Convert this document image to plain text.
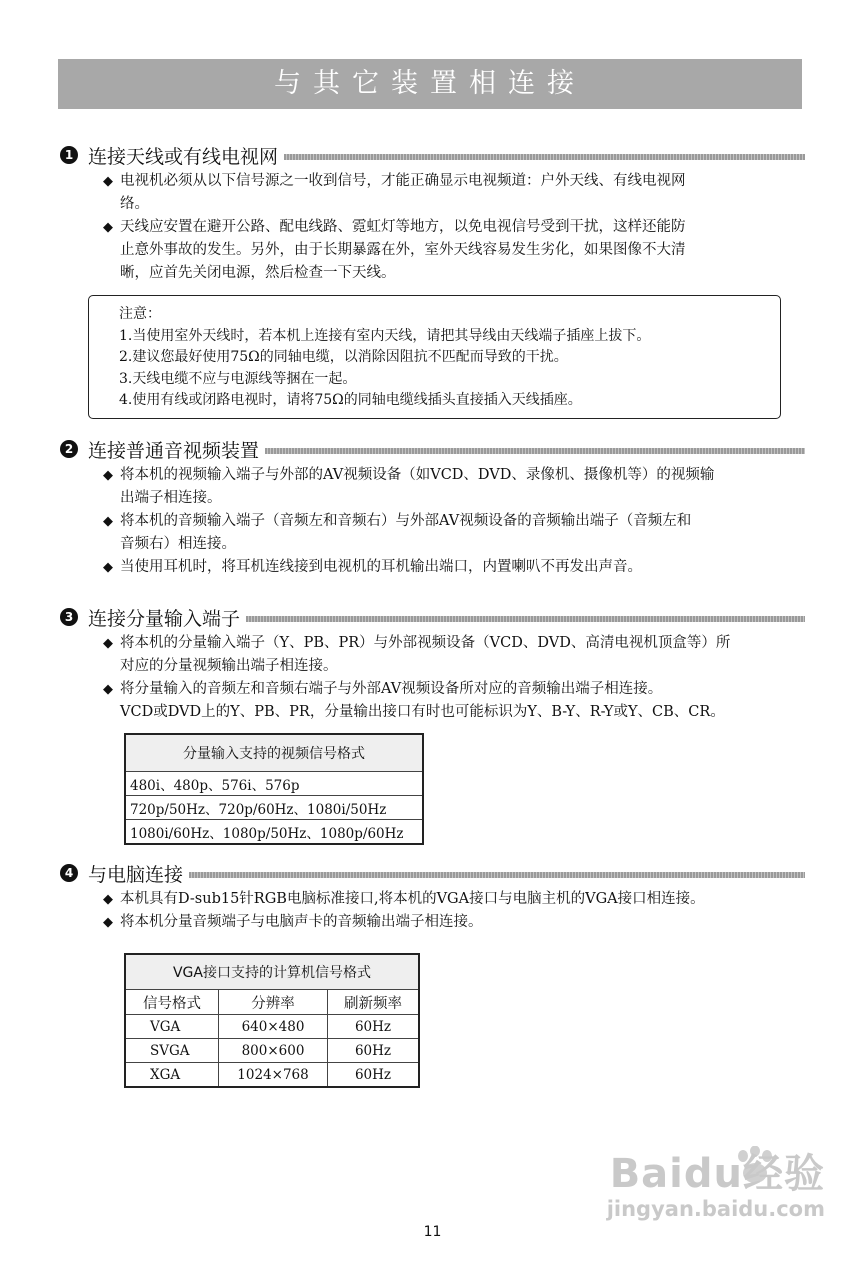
与其它装置相连接
1 连接天线或有线电视网
◆ 电视机必须从以下信号源之一收到信号，才能正确显示电视频道：户外天线、有线电视网
络。
◆ 天线应安置在避开公路、配电线路、霓虹灯等地方，以免电视信号受到干扰，这样还能防
止意外事故的发生。另外，由于长期暴露在外，室外天线容易发生劣化，如果图像不大清
晰，应首先关闭电源，然后检查一下天线。
注意：
1.当使用室外天线时，若本机上连接有室内天线，请把其导线由天线端子插座上拔下。
2.建议您最好使用75Ω的同轴电缆，以消除因阻抗不匹配而导致的干扰。
3.天线电缆不应与电源线等捆在一起。
4.使用有线或闭路电视时，请将75Ω的同轴电缆线插头直接插入天线插座。
2 连接普通音视频装置
◆ 将本机的视频输入端子与外部的AV视频设备（如VCD、DVD、录像机、摄像机等）的视频输
出端子相连接。
◆ 将本机的音频输入端子（音频左和音频右）与外部AV视频设备的音频输出端子（音频左和
音频右）相连接。
◆ 当使用耳机时，将耳机连线接到电视机的耳机输出端口，内置喇叭不再发出声音。
3 连接分量输入端子
◆ 将本机的分量输入端子（Y、PB、PR）与外部视频设备（VCD、DVD、高清电视机顶盒等）所
对应的分量视频输出端子相连接。
◆ 将分量输入的音频左和音频右端子与外部AV视频设备所对应的音频输出端子相连接。
VCD或DVD上的Y、PB、PR，分量输出接口有时也可能标识为Y、B-Y、R-Y或Y、CB、CR。
分量输入支持的视频信号格式
480i、480p、576i、576p
720p/50Hz、720p/60Hz、1080i/50Hz
1080i/60Hz、1080p/50Hz、1080p/60Hz
4 与电脑连接
◆ 本机具有D-sub15针RGB电脑标准接口,将本机的VGA接口与电脑主机的VGA接口相连接。
◆ 将本机分量音频端子与电脑声卡的音频输出端子相连接。
VGA接口支持的计算机信号格式		
信号格式	分辨率	刷新频率
VGA	640×480	60Hz
SVGA	800×600	60Hz
XGA	1024×768	60Hz
Baidu经验
jingyan.baidu.com
11
